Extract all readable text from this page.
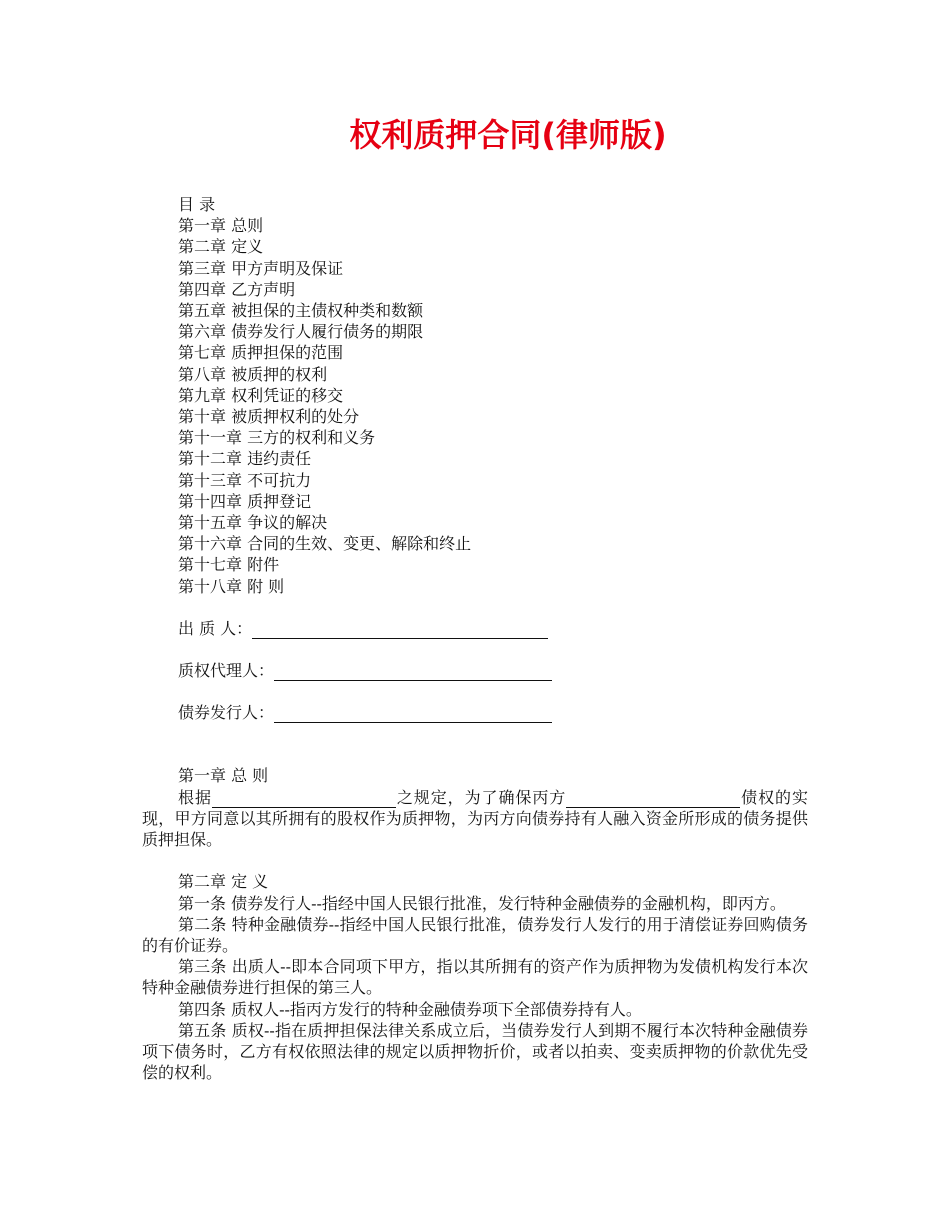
权利质押合同(律师版)
目 录
第一章 总则
第二章 定义
第三章 甲方声明及保证
第四章 乙方声明
第五章 被担保的主债权种类和数额
第六章 债券发行人履行债务的期限
第七章 质押担保的范围
第八章 被质押的权利
第九章 权利凭证的移交
第十章 被质押权利的处分
第十一章 三方的权利和义务
第十二章 违约责任
第十三章 不可抗力
第十四章 质押登记
第十五章 争议的解决
第十六章 合同的生效、变更、解除和终止
第十七章 附件
第十八章 附 则
出 质 人：
质权代理人：
债券发行人：
第一章 总 则
根据	之规定，为了确保丙方	债权的实现，甲方同意以其所拥有的股权作为质押物，为丙方向债券持有人融入资金所形成的债务提供质押担保。
第二章 定 义
第一条 债券发行人--指经中国人民银行批准，发行特种金融债券的金融机构，即丙方。
第二条 特种金融债券--指经中国人民银行批准，债券发行人发行的用于清偿证券回购债务的有价证券。
第三条 出质人--即本合同项下甲方，指以其所拥有的资产作为质押物为发债机构发行本次特种金融债券进行担保的第三人。
第四条 质权人--指丙方发行的特种金融债券项下全部债券持有人。
第五条 质权--指在质押担保法律关系成立后，当债券发行人到期不履行本次特种金融债券项下债务时，乙方有权依照法律的规定以质押物折价，或者以拍卖、变卖质押物的价款优先受偿的权利。
